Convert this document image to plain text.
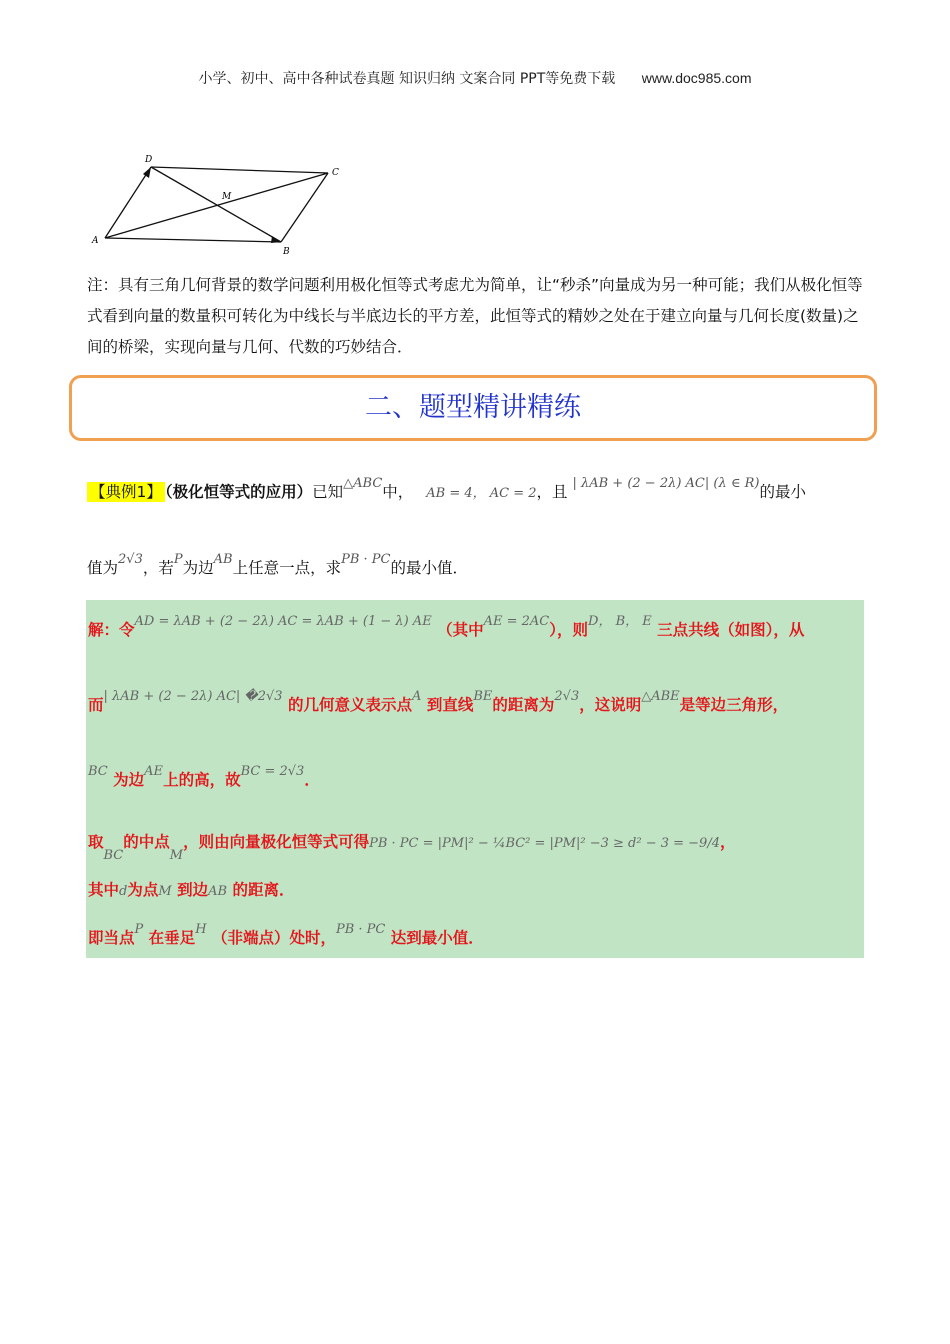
小学、初中、高中各种试卷真题 知识归纳 文案合同 PPT等免费下载 www.doc985.com
D
C
M
A
B
注：具有三角几何背景的数学问题利用极化恒等式考虑尤为简单，让“秒杀”向量成为另一种可能；我们从极化恒等式看到向量的数量积可转化为中线长与半底边长的平方差，此恒等式的精妙之处在于建立向量与几何长度(数量)之间的桥梁，实现向量与几何、代数的巧妙结合．
二、题型精讲精练
【典例1】 （极化恒等式的应用）已知$^{\triangle ABC}$中， AB = 4， AC = 2，且 $^{| \lambda AB + (2 - 2\lambda) AC| (\lambda \in R)}$的最小
值为$^{2√3}$，若$^P$为边$^{AB}$上任意一点，求$^{PB \cdot PC}$的最小值．
解：令$^{AD = \lambda AB + (2 - 2\lambda) AC = \lambda AB + (1 - \lambda) AE}$ （其中$^{AE = 2AC}$），则$^{D, B, E}$ 三点共线（如图），从
而$^{| \lambda AB + (2 - 2\lambda) AC| �2√3}$ 的几何意义表示点$^A$ 到直线$^{BE}$的距离为$^{2√3}$，这说明$^{\triangle ABE}$是等边三角形，
$^{BC}$ 为边$^{AE}$上的高，故$^{BC = 2√3}$．
取$_{BC}$的中点$_M$，则由向量极化恒等式可得PB · PC = |PM|² − ¼BC² = |PM|² −3 ≥ d² − 3 = −9/4，
其中d为点M 到边AB 的距离．
即当点$^P$ 在垂足$^H$ （非端点）处时，$^{PB \cdot PC}$ 达到最小值．
